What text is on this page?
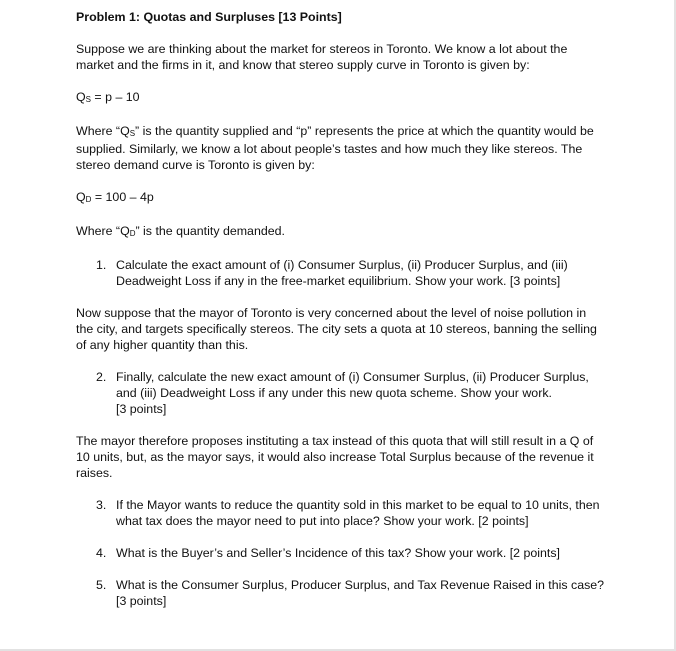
Problem 1: Quotas and Surpluses [13 Points]

Suppose we are thinking about the market for stereos in Toronto. We know a lot about the market and the firms in it, and know that stereo supply curve in Toronto is given by:

$Q_S = p - 10$

Where “$Q_S$” is the quantity supplied and “p” represents the price at which the quantity would be supplied. Similarly, we know a lot about people’s tastes and how much they like stereos. The stereo demand curve is Toronto is given by:

$Q_D = 100 - 4p$

Where “$Q_D$” is the quantity demanded.

1. Calculate the exact amount of (i) Consumer Surplus, (ii) Producer Surplus, and (iii) Deadweight Loss if any in the free-market equilibrium. Show your work. [3 points]

Now suppose that the mayor of Toronto is very concerned about the level of noise pollution in the city, and targets specifically stereos. The city sets a quota at 10 stereos, banning the selling of any higher quantity than this.

2. Finally, calculate the new exact amount of (i) Consumer Surplus, (ii) Producer Surplus,
and (iii) Deadweight Loss if any under this new quota scheme. Show your work.
[3 points]

The mayor therefore proposes instituting a tax instead of this quota that will still result in a Q of 10 units, but, as the mayor says, it would also increase Total Surplus because of the revenue it raises.

3. If the Mayor wants to reduce the quantity sold in this market to be equal to 10 units, then what tax does the mayor need to put into place? Show your work. [2 points]
4. What is the Buyer’s and Seller’s Incidence of this tax? Show your work. [2 points]
5. What is the Consumer Surplus, Producer Surplus, and Tax Revenue Raised in this case?
[3 points]
